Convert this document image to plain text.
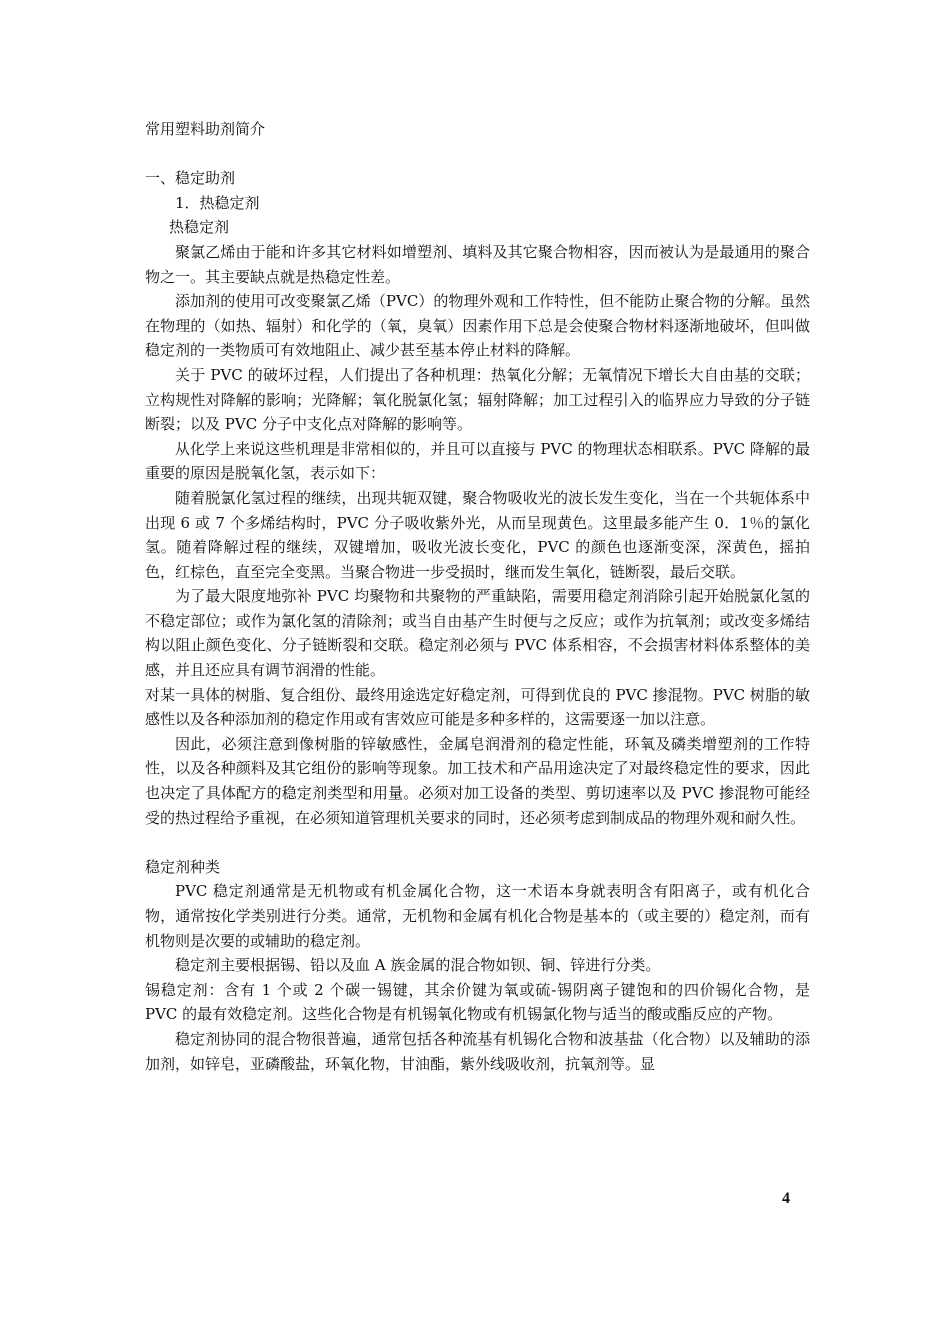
常用塑料助剂简介

一、稳定助剂

1．热稳定剂

热稳定剂

聚氯乙烯由于能和许多其它材料如增塑剂、填料及其它聚合物相容，因而被认为是最通用的聚合物之一。其主要缺点就是热稳定性差。

添加剂的使用可改变聚氯乙烯（PVC）的物理外观和工作特性，但不能防止聚合物的分解。虽然在物理的（如热、辐射）和化学的（氧，臭氧）因素作用下总是会使聚合物材料逐渐地破坏，但叫做稳定剂的一类物质可有效地阻止、减少甚至基本停止材料的降解。

关于 PVC 的破坏过程，人们提出了各种机理：热氧化分解；无氧情况下增长大自由基的交联；立构规性对降解的影响；光降解；氧化脱氯化氢；辐射降解；加工过程引入的临界应力导致的分子链断裂；以及 PVC 分子中支化点对降解的影响等。

从化学上来说这些机理是非常相似的，并且可以直接与 PVC 的物理状态相联系。PVC 降解的最重要的原因是脱氧化氢，表示如下：

随着脱氯化氢过程的继续，出现共轭双键，聚合物吸收光的波长发生变化，当在一个共轭体系中出现 6 或 7 个多烯结构时，PVC 分子吸收紫外光，从而呈现黄色。这里最多能产生 0．1％的氯化氢。随着降解过程的继续，双键增加，吸收光波长变化，PVC 的颜色也逐渐变深，深黄色，摇拍色，红棕色，直至完全变黑。当聚合物进一步受损时，继而发生氧化，链断裂，最后交联。

为了最大限度地弥补 PVC 均聚物和共聚物的严重缺陷，需要用稳定剂消除引起开始脱氯化氢的不稳定部位；或作为氯化氢的清除剂；或当自由基产生时便与之反应；或作为抗氧剂；或改变多烯结构以阻止颜色变化、分子链断裂和交联。稳定剂必须与 PVC 体系相容，不会损害材料体系整体的美感，并且还应具有调节润滑的性能。

对某一具体的树脂、复合组份、最终用途选定好稳定剂，可得到优良的 PVC 掺混物。PVC 树脂的敏感性以及各种添加剂的稳定作用或有害效应可能是多种多样的，这需要逐一加以注意。

因此，必须注意到像树脂的锌敏感性，金属皂润滑剂的稳定性能，环氧及磷类增塑剂的工作特性，以及各种颜料及其它组份的影响等现象。加工技术和产品用途决定了对最终稳定性的要求，因此也决定了具体配方的稳定剂类型和用量。必须对加工设备的类型、剪切速率以及 PVC 掺混物可能经受的热过程给予重视，在必须知道管理机关要求的同时，还必须考虑到制成品的物理外观和耐久性。

稳定剂种类

PVC 稳定剂通常是无机物或有机金属化合物，这一术语本身就表明含有阳离子，或有机化合物，通常按化学类别进行分类。通常，无机物和金属有机化合物是基本的（或主要的）稳定剂，而有机物则是次要的或辅助的稳定剂。

稳定剂主要根据锡、铅以及血 A 族金属的混合物如钡、铜、锌进行分类。

锡稳定剂：含有 1 个或 2 个碳一锡键，其余价键为氧或硫-锡阴离子键饱和的四价锡化合物，是 PVC 的最有效稳定剂。这些化合物是有机锡氧化物或有机锡氯化物与适当的酸或酯反应的产物。

稳定剂协同的混合物很普遍，通常包括各种流基有机锡化合物和波基盐（化合物）以及辅助的添加剂，如锌皂，亚磷酸盐，环氧化物，甘油酯，紫外线吸收剂，抗氧剂等。显

4
